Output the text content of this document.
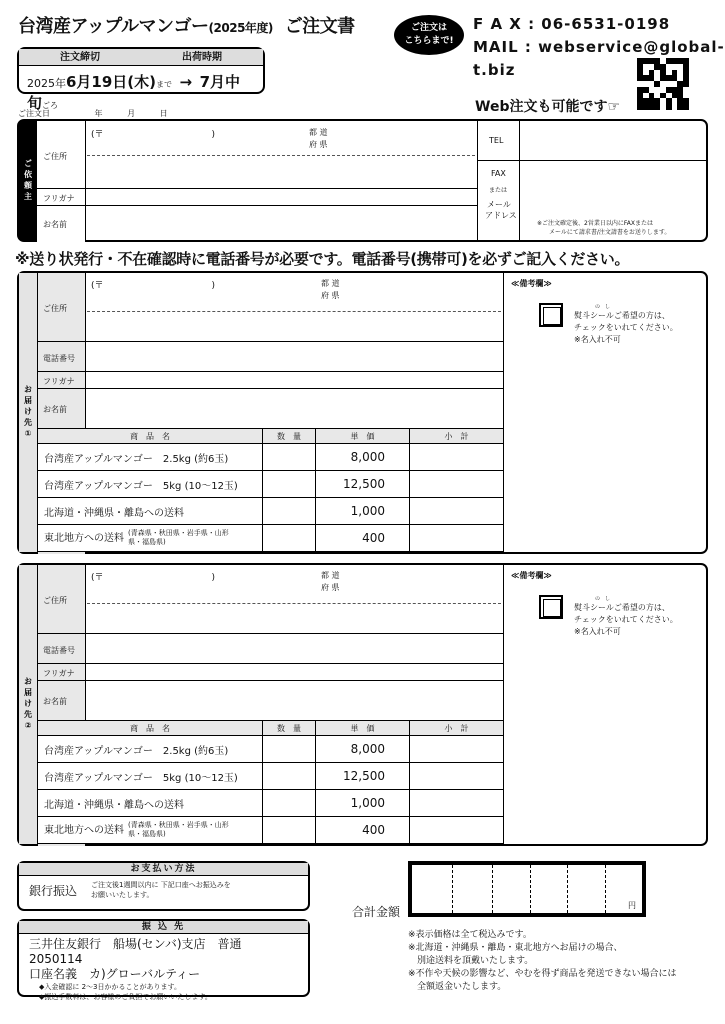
台湾産アップルマンゴー(2025年度) ご注文書	ご注文は
こちらまで!
F A X : 06-6531-0198
MAIL : webservice@global-t.biz
Web注文も可能です☞
注文締切	出荷時期
2025年6月19日(木)まで → 7月中旬ごろ
ご注文日	年	月	日
ご依頼主
ご住所
(〒　　　　　　　　　　　　)	都 道
府 県
フリガナ
お名前
TEL
FAX
または
メール
アドレス
※ご注文確定後、2営業日以内にFAXまたは
メールにて請求書/注文請書をお送りします。
※送り状発行・不在確認時に電話番号が必要です。電話番号(携帯可)を必ずご記入ください。
お届け先①
ご住所
(〒　　　　　　　　　　　　)	都 道
府 県
電話番号
フリガナ
お名前
≪備考欄≫
の　し
熨斗シールご希望の方は、
チェックをいれてください。
※名入れ不可
商　品　名	数　量	単　価	小　計
台湾産アップルマンゴー　2.5kg (約6玉)		8,000	
台湾産アップルマンゴー　5kg (10〜12玉)		12,500	
北海道・沖縄県・離島への送料		1,000	
東北地方への送料 (青森県・秋田県・岩手県・山形県・福島県)		400	
お届け先②
ご住所
(〒　　　　　　　　　　　　)	都 道
府 県
電話番号
フリガナ
お名前
≪備考欄≫
の　し
熨斗シールご希望の方は、
チェックをいれてください。
※名入れ不可
商　品　名	数　量	単　価	小　計
台湾産アップルマンゴー　2.5kg (約6玉)		8,000	
台湾産アップルマンゴー　5kg (10〜12玉)		12,500	
北海道・沖縄県・離島への送料		1,000	
東北地方への送料 (青森県・秋田県・岩手県・山形県・福島県)		400	
お支払い方法
銀行振込 ご注文後1週間以内に 下記口座へお振込みを
お願いいたします。
振 込 先
三井住友銀行　船場(センバ)支店　普通 2050114
口座名義　カ)グローバルティー
◆入金確認に 2〜3日かかることがあります。
◆振込手数料は、お客様のご負担でお願いいたします。
合計金額	円
※表示価格は全て税込みです。
※北海道・沖縄県・離島・東北地方へお届けの場合、
　別途送料を頂戴いたします。
※不作や天候の影響など、やむを得ず商品を発送できない場合には
　全額返金いたします。
